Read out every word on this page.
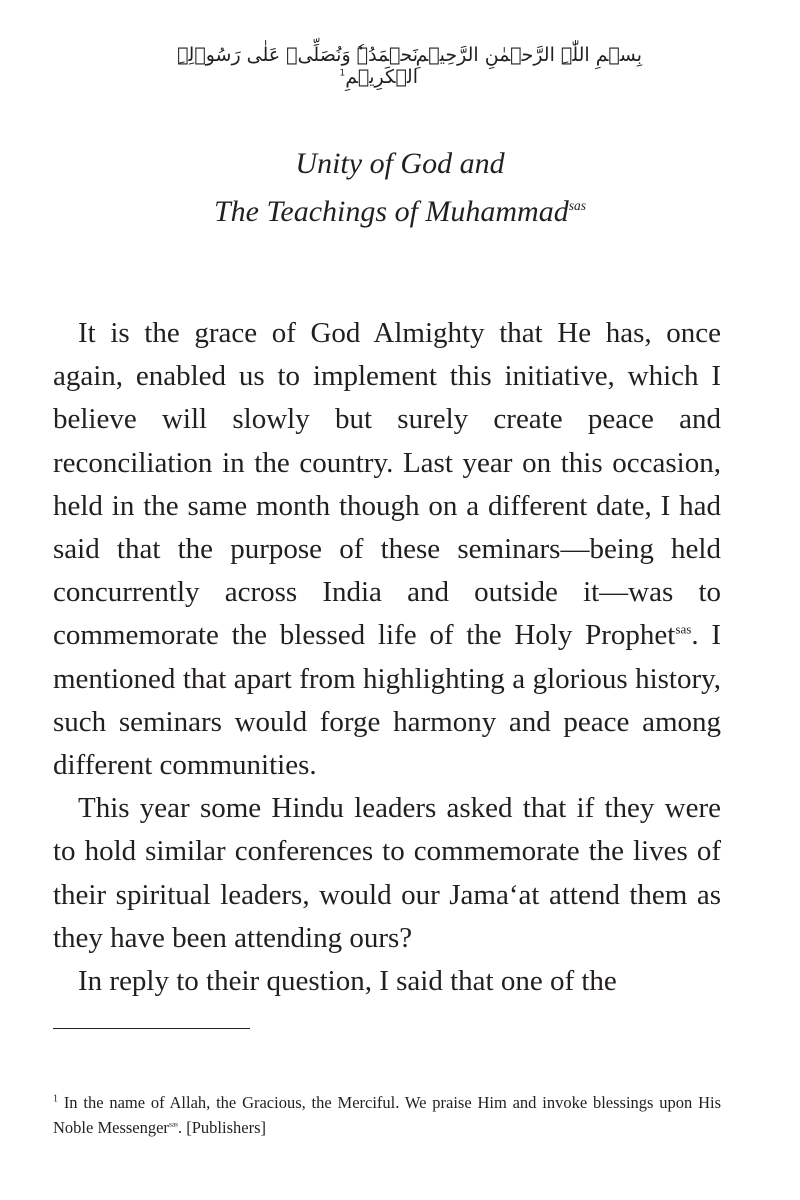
بِسۡمِ اللّٰہِ الرَّحۡمٰنِ الرَّحِیۡمِ
نَحۡمَدُہٗ وَنُصَلِّیۡ عَلٰی رَسُوۡلِہِ الۡکَرِیۡمِ$^1$
Unity of God and
The Teachings of Muhammad$^{sas}$

It is the grace of God Almighty that He has, once again, enabled us to implement this initiative, which I believe will slowly but surely create peace and reconciliation in the country. Last year on this occasion, held in the same month though on a different date, I had said that the purpose of these seminars—being held concurrently across India and outside it—was to commemorate the blessed life of the Holy Prophet$^{sas}$. I mentioned that apart from highlighting a glorious history, such seminars would forge harmony and peace among different communities.

This year some Hindu leaders asked that if they were to hold similar conferences to commemorate the lives of their spiritual leaders, would our Jama‘at attend them as they have been attending ours?

In reply to their question, I said that one of the

$^1$ In the name of Allah, the Gracious, the Merciful. We praise Him and invoke blessings upon His Noble Messenger$^{sas}$. [Publishers]
